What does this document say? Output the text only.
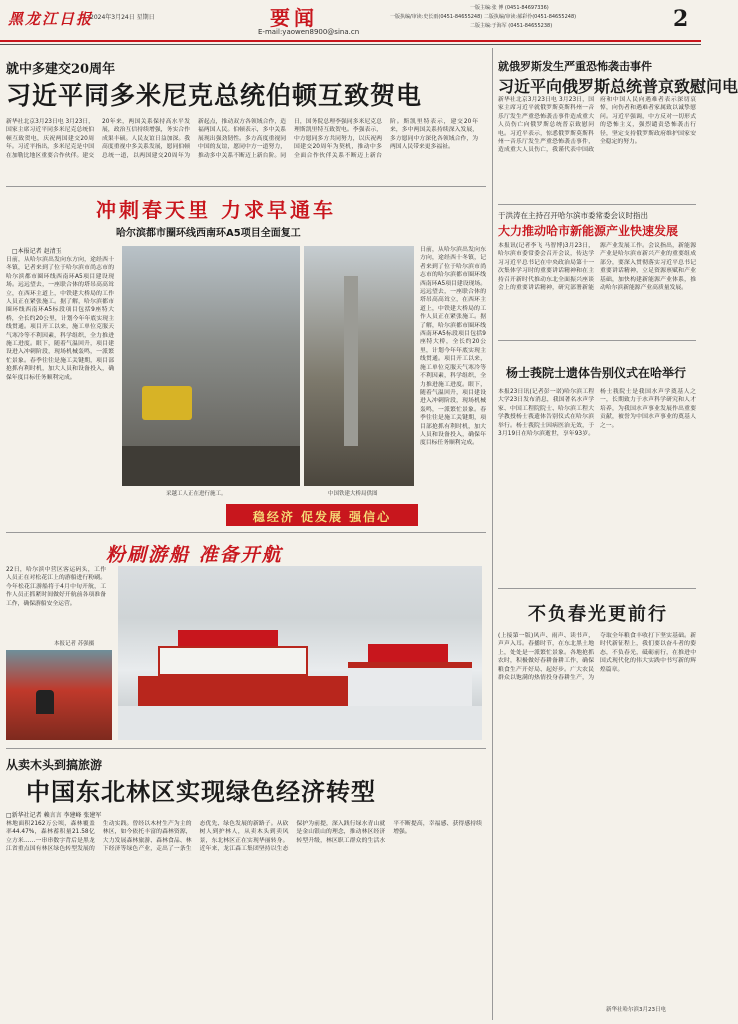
黑龙江日报
2024年3月24日 星期日	要闻
E-mail:yaowen8900@sina.cn
一版主编:张 博 (0451-84697336)
一版执编/审读:史长雨(0451-84655248) 二版执编/审读:郝彩伶(0451-84655248)
二版主编:于海军 (0451-84655238)	2
就中多建交20周年
习近平同多米尼克总统伯顿互致贺电
新华社北京3月23日电 3月23日，国家主席习近平同多米尼克总统伯顿互致贺电，庆祝两国建交20周年。习近平指出，多米尼克是中国在加勒比地区重要合作伙伴。建交20年来，两国关系保持高水平发展，政治互信持续增强，务实合作成果丰硕。人民友谊日益加深。我高度重视中多关系发展，愿同伯顿总统一道，以两国建交20周年为新起点，推动双方各领域合作，造福两国人民。伯顿表示，多中关系展现出强劲韧性。多方高度重视同中国的友谊，愿同中方一道努力，推动多中关系不断迈上新台阶。同日，国务院总理李强同多米尼克总理斯凯里特互致贺电。李强表示，中方愿同多方共同努力，以庆祝两国建交20周年为契机，推动中多全面合作伙伴关系不断迈上新台阶。斯凯里特表示，建交20年来，多中两国关系持续深入发展，多方愿同中方深化各领域合作，为两国人民带来更多福祉。
冲刺春天里 力求早通车
哈尔滨都市圈环线西南环A5项目全面复工
□本报记者 赵清玉
日前，从哈尔滨出发向东方向，途经西十冬镇，记者来到了位于哈尔滨市尚志市的哈尔滨都市圈环线西南环A5项目建设现场。远远望去，一座联合体的塔吊高高耸立，在西环主道上，中铁建大桥局的工作人员正在紧张施工。据了解，哈尔滨都市圈环线西南环A5标段项目包括9座特大桥，全长约20公里，计划今年年底实现主线贯通。项目开工以来，施工单位克服天气寒冷等不利因素，科学组织，全力推进施工进度。眼下，随着气温回升，项目建设进入冲刺阶段，现场机械轰鸣，一派繁忙景象。春季往往是施工关键期，项目部抢抓有利时机，加大人员和设备投入，确保年度目标任务顺利完成。
采越工人正在进行施工。	中国铁建大桥局供图
日前，从哈尔滨出发向东方向，途经西十冬镇，记者来到了位于哈尔滨市尚志市的哈尔滨都市圈环线西南环A5项目建设现场。远远望去，一座联合体的塔吊高高耸立，在西环主道上，中铁建大桥局的工作人员正在紧张施工。据了解，哈尔滨都市圈环线西南环A5标段项目包括9座特大桥，全长约20公里，计划今年年底实现主线贯通。项目开工以来，施工单位克服天气寒冷等不利因素，科学组织，全力推进施工进度。眼下，随着气温回升，项目建设进入冲刺阶段，现场机械轰鸣，一派繁忙景象。春季往往是施工关键期，项目部抢抓有利时机，加大人员和设备投入，确保年度目标任务顺利完成。
稳经济 促发展 强信心
粉刷游船 准备开航
22日，哈尔滨中营区客运码头，工作人员正在对松花江上的游船进行粉刷。今年松花江游船将于4月中旬开航，工作人员正抓紧时间做好开航前各项准备工作，确保游船安全运营。
本报记者 苏强摄
从卖木头到搞旅游
中国东北林区实现绿色经济转型
□新华社记者 赖言言 李建峰 张建军
林地面积2162万公顷，森林覆盖率44.47%，森林蓄积量21.58亿立方米……一串串数字背后是黑龙江省重点国有林区绿色转型发展的生动实践。曾经以木材生产为主的林区，如今依托丰富的森林资源，大力发展森林旅游、森林食品、林下经济等绿色产业，走出了一条生态优先、绿色发展的新路子。从砍树人到护林人，从卖木头到卖风景，东北林区正在实现华丽转身。近年来，龙江森工集团坚持以生态保护为前提，深入践行绿水青山就是金山银山的理念，推动林区经济转型升级，林区职工群众的生活水平不断提高，幸福感、获得感持续增强。
就俄罗斯发生严重恐怖袭击事件
习近平向俄罗斯总统普京致慰问电
新华社北京3月23日电 3月23日，国家主席习近平就俄罗斯莫斯科州一音乐厅发生严重恐怖袭击事件造成重大人员伤亡向俄罗斯总统普京致慰问电。习近平表示，惊悉俄罗斯莫斯科州一音乐厅发生严重恐怖袭击事件，造成重大人员伤亡，我谨代表中国政府和中国人民向遇难者表示深切哀悼，向伤者和遇难者家属致以诚挚慰问。习近平强调，中方反对一切形式的恐怖主义，强烈谴责恐怖袭击行径，坚定支持俄罗斯政府维护国家安全稳定的努力。
于洪涛在主持召开哈尔滨市委常委会议时指出
大力推动哈市新能源产业快速发展
本报讯(记者李飞 马智博)3月23日，哈尔滨市委常委会召开会议，传达学习习近平总书记在中央政治局第十一次集体学习时的重要讲话精神和在主持召开新时代推动东北全面振兴座谈会上的重要讲话精神，研究部署新能源产业发展工作。会议指出，新能源产业是哈尔滨市新兴产业的重要组成部分，要深入贯彻落实习近平总书记重要讲话精神，立足资源禀赋和产业基础，加快构建新能源产业体系，推动哈尔滨新能源产业高质量发展。
杨士莪院士遗体告别仪式在哈举行
本报23日讯(记者彭一诺)哈尔滨工程大学23日发布消息，我国著名水声学家、中国工程院院士、哈尔滨工程大学教授杨士莪遗体告别仪式在哈尔滨举行。杨士莪院士因病医治无效，于3月19日在哈尔滨逝世，享年93岁。杨士莪院士是我国水声学奠基人之一，长期致力于水声科学研究和人才培养，为我国水声事业发展作出重要贡献，被誉为中国水声事业的奠基人之一。
不负春光更前行
(上接第一版)风声、雨声、读书声，声声入耳。春播时节，在东北黑土地上，处处是一派繁忙景象。各地抢抓农时，积极做好春耕备耕工作，确保粮食生产开好局、起好步。广大农民群众以饱满的热情投身春耕生产，为夺取全年粮食丰收打下坚实基础。新时代新征程上，我们要以奋斗者的姿态，不负春光，砥砺前行，在推进中国式现代化的伟大实践中书写新的辉煌篇章。
新华社哈尔滨3月23日电
